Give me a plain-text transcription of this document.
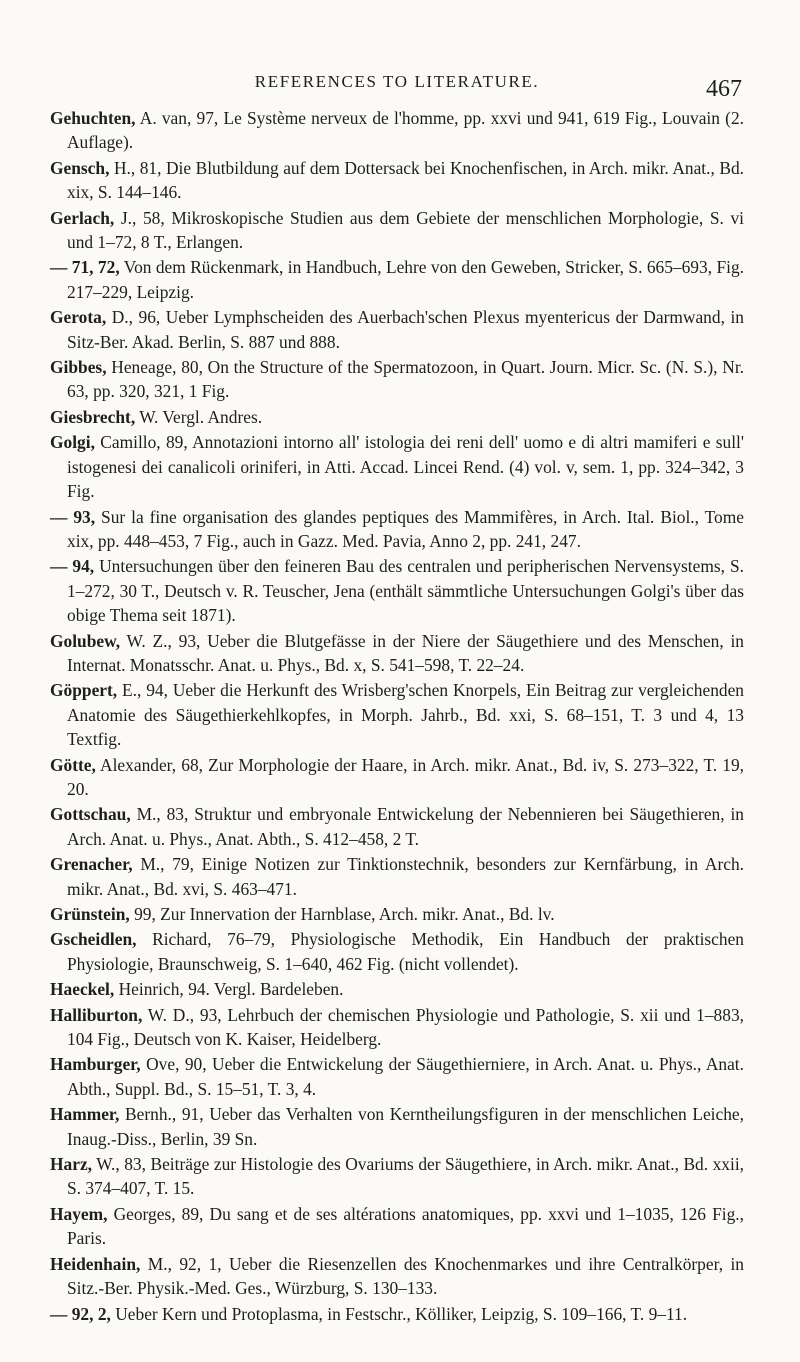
REFERENCES TO LITERATURE.	467

Gehuchten, A. van, 97, Le Système nerveux de l'homme, pp. xxvi und 941, 619 Fig., Louvain (2. Auflage).

Gensch, H., 81, Die Blutbildung auf dem Dottersack bei Knochenfischen, in Arch. mikr. Anat., Bd. xix, S. 144–146.

Gerlach, J., 58, Mikroskopische Studien aus dem Gebiete der menschlichen Morphologie, S. vi und 1–72, 8 T., Erlangen.

— 71, 72, Von dem Rückenmark, in Handbuch, Lehre von den Geweben, Stricker, S. 665–693, Fig. 217–229, Leipzig.

Gerota, D., 96, Ueber Lymphscheiden des Auerbach'schen Plexus myentericus der Darmwand, in Sitz-Ber. Akad. Berlin, S. 887 und 888.

Gibbes, Heneage, 80, On the Structure of the Spermatozoon, in Quart. Journ. Micr. Sc. (N. S.), Nr. 63, pp. 320, 321, 1 Fig.

Giesbrecht, W. Vergl. Andres.

Golgi, Camillo, 89, Annotazioni intorno all' istologia dei reni dell' uomo e di altri mamiferi e sull' istogenesi dei canalicoli oriniferi, in Atti. Accad. Lincei Rend. (4) vol. v, sem. 1, pp. 324–342, 3 Fig.

— 93, Sur la fine organisation des glandes peptiques des Mammifères, in Arch. Ital. Biol., Tome xix, pp. 448–453, 7 Fig., auch in Gazz. Med. Pavia, Anno 2, pp. 241, 247.

— 94, Untersuchungen über den feineren Bau des centralen und peripherischen Nervensystems, S. 1–272, 30 T., Deutsch v. R. Teuscher, Jena (enthält sämmtliche Untersuchungen Golgi's über das obige Thema seit 1871).

Golubew, W. Z., 93, Ueber die Blutgefässe in der Niere der Säugethiere und des Menschen, in Internat. Monatsschr. Anat. u. Phys., Bd. x, S. 541–598, T. 22–24.

Göppert, E., 94, Ueber die Herkunft des Wrisberg'schen Knorpels, Ein Beitrag zur vergleichenden Anatomie des Säugethierkehlkopfes, in Morph. Jahrb., Bd. xxi, S. 68–151, T. 3 und 4, 13 Textfig.

Götte, Alexander, 68, Zur Morphologie der Haare, in Arch. mikr. Anat., Bd. iv, S. 273–322, T. 19, 20.

Gottschau, M., 83, Struktur und embryonale Entwickelung der Nebennieren bei Säugethieren, in Arch. Anat. u. Phys., Anat. Abth., S. 412–458, 2 T.

Grenacher, M., 79, Einige Notizen zur Tinktionstechnik, besonders zur Kernfärbung, in Arch. mikr. Anat., Bd. xvi, S. 463–471.

Grünstein, 99, Zur Innervation der Harnblase, Arch. mikr. Anat., Bd. lv.

Gscheidlen, Richard, 76–79, Physiologische Methodik, Ein Handbuch der praktischen Physiologie, Braunschweig, S. 1–640, 462 Fig. (nicht vollendet).

Haeckel, Heinrich, 94. Vergl. Bardeleben.

Halliburton, W. D., 93, Lehrbuch der chemischen Physiologie und Pathologie, S. xii und 1–883, 104 Fig., Deutsch von K. Kaiser, Heidelberg.

Hamburger, Ove, 90, Ueber die Entwickelung der Säugethierniere, in Arch. Anat. u. Phys., Anat. Abth., Suppl. Bd., S. 15–51, T. 3, 4.

Hammer, Bernh., 91, Ueber das Verhalten von Kerntheilungsfiguren in der menschlichen Leiche, Inaug.-Diss., Berlin, 39 Sn.

Harz, W., 83, Beiträge zur Histologie des Ovariums der Säugethiere, in Arch. mikr. Anat., Bd. xxii, S. 374–407, T. 15.

Hayem, Georges, 89, Du sang et de ses altérations anatomiques, pp. xxvi und 1–1035, 126 Fig., Paris.

Heidenhain, M., 92, 1, Ueber die Riesenzellen des Knochenmarkes und ihre Centralkörper, in Sitz.-Ber. Physik.-Med. Ges., Würzburg, S. 130–133.

— 92, 2, Ueber Kern und Protoplasma, in Festschr., Kölliker, Leipzig, S. 109–166, T. 9–11.
